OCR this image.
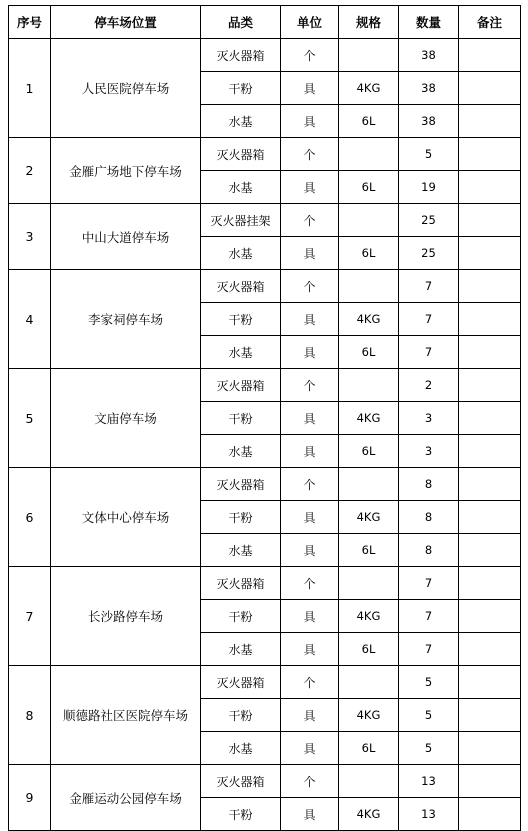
序号	停车场位置	品类	单位	规格	数量	备注
1	人民医院停车场	灭火器箱	个		38	
		干粉	具	4KG	38	
		水基	具	6L	38	
2	金雁广场地下停车场	灭火器箱	个		5	
		水基	具	6L	19	
3	中山大道停车场	灭火器挂架	个		25	
		水基	具	6L	25	
4	李家祠停车场	灭火器箱	个		7	
		干粉	具	4KG	7	
		水基	具	6L	7	
5	文庙停车场	灭火器箱	个		2	
		干粉	具	4KG	3	
		水基	具	6L	3	
6	文体中心停车场	灭火器箱	个		8	
		干粉	具	4KG	8	
		水基	具	6L	8	
7	长沙路停车场	灭火器箱	个		7	
		干粉	具	4KG	7	
		水基	具	6L	7	
8	顺德路社区医院停车场	灭火器箱	个		5	
		干粉	具	4KG	5	
		水基	具	6L	5	
9	金雁运动公园停车场	灭火器箱	个		13	
		干粉	具	4KG	13	
